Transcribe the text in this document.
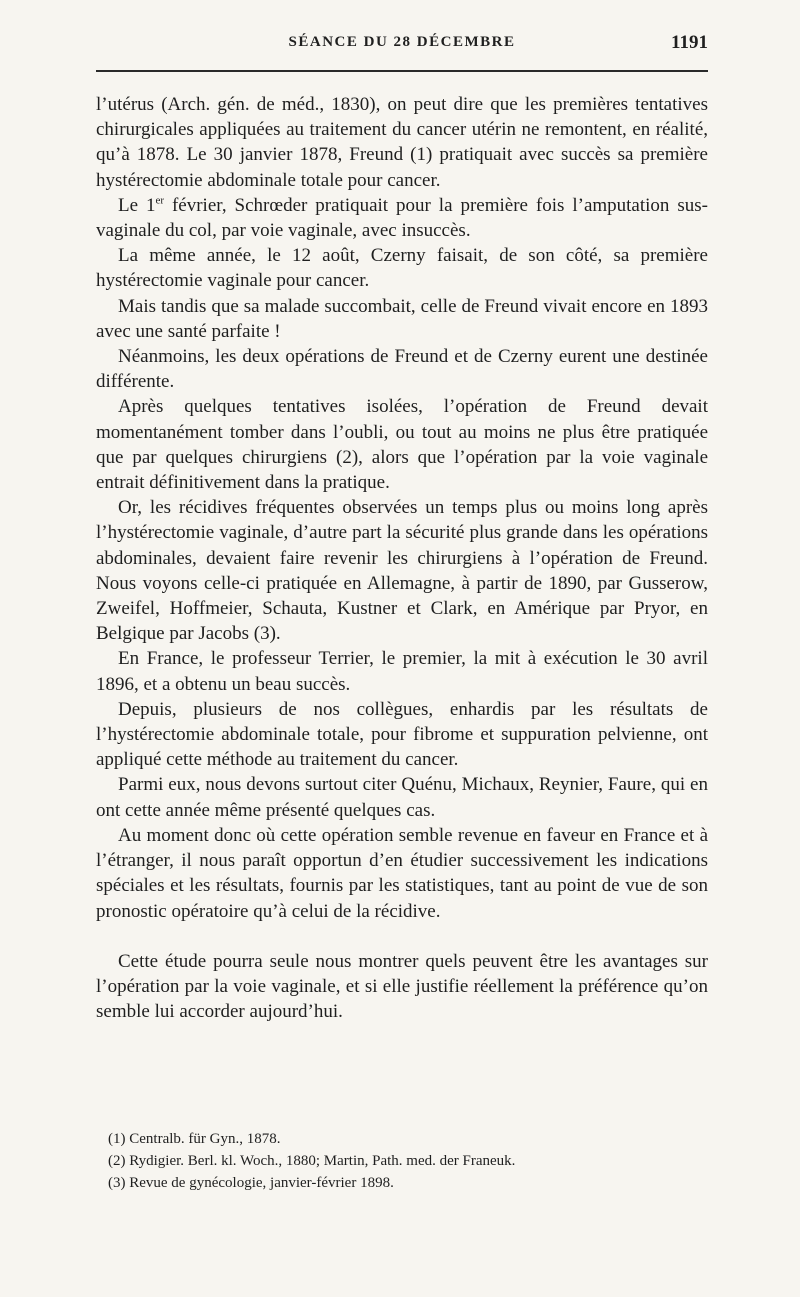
SÉANCE DU 28 DÉCEMBRE	1191

l’utérus (Arch. gén. de méd., 1830), on peut dire que les premières tentatives chirurgicales appliquées au traitement du cancer utérin ne remontent, en réalité, qu’à 1878. Le 30 janvier 1878, Freund (1) pratiquait avec succès sa première hystérectomie abdominale totale pour cancer.

Le 1er février, Schrœder pratiquait pour la première fois l’amputation sus-vaginale du col, par voie vaginale, avec insuccès.

La même année, le 12 août, Czerny faisait, de son côté, sa première hystérectomie vaginale pour cancer.

Mais tandis que sa malade succombait, celle de Freund vivait encore en 1893 avec une santé parfaite !

Néanmoins, les deux opérations de Freund et de Czerny eurent une destinée différente.

Après quelques tentatives isolées, l’opération de Freund devait momentanément tomber dans l’oubli, ou tout au moins ne plus être pratiquée que par quelques chirurgiens (2), alors que l’opération par la voie vaginale entrait définitivement dans la pratique.

Or, les récidives fréquentes observées un temps plus ou moins long après l’hystérectomie vaginale, d’autre part la sécurité plus grande dans les opérations abdominales, devaient faire revenir les chirurgiens à l’opération de Freund. Nous voyons celle-ci pratiquée en Allemagne, à partir de 1890, par Gusserow, Zweifel, Hoffmeier, Schauta, Kustner et Clark, en Amérique par Pryor, en Belgique par Jacobs (3).

En France, le professeur Terrier, le premier, la mit à exécution le 30 avril 1896, et a obtenu un beau succès.

Depuis, plusieurs de nos collègues, enhardis par les résultats de l’hystérectomie abdominale totale, pour fibrome et suppuration pelvienne, ont appliqué cette méthode au traitement du cancer.

Parmi eux, nous devons surtout citer Quénu, Michaux, Reynier, Faure, qui en ont cette année même présenté quelques cas.

Au moment donc où cette opération semble revenue en faveur en France et à l’étranger, il nous paraît opportun d’en étudier successivement les indications spéciales et les résultats, fournis par les statistiques, tant au point de vue de son pronostic opératoire qu’à celui de la récidive.

Cette étude pourra seule nous montrer quels peuvent être les avantages sur l’opération par la voie vaginale, et si elle justifie réellement la préférence qu’on semble lui accorder aujourd’hui.

(1) Centralb. für Gyn., 1878.

(2) Rydigier. Berl. kl. Woch., 1880; Martin, Path. med. der Franeuk.

(3) Revue de gynécologie, janvier-février 1898.
